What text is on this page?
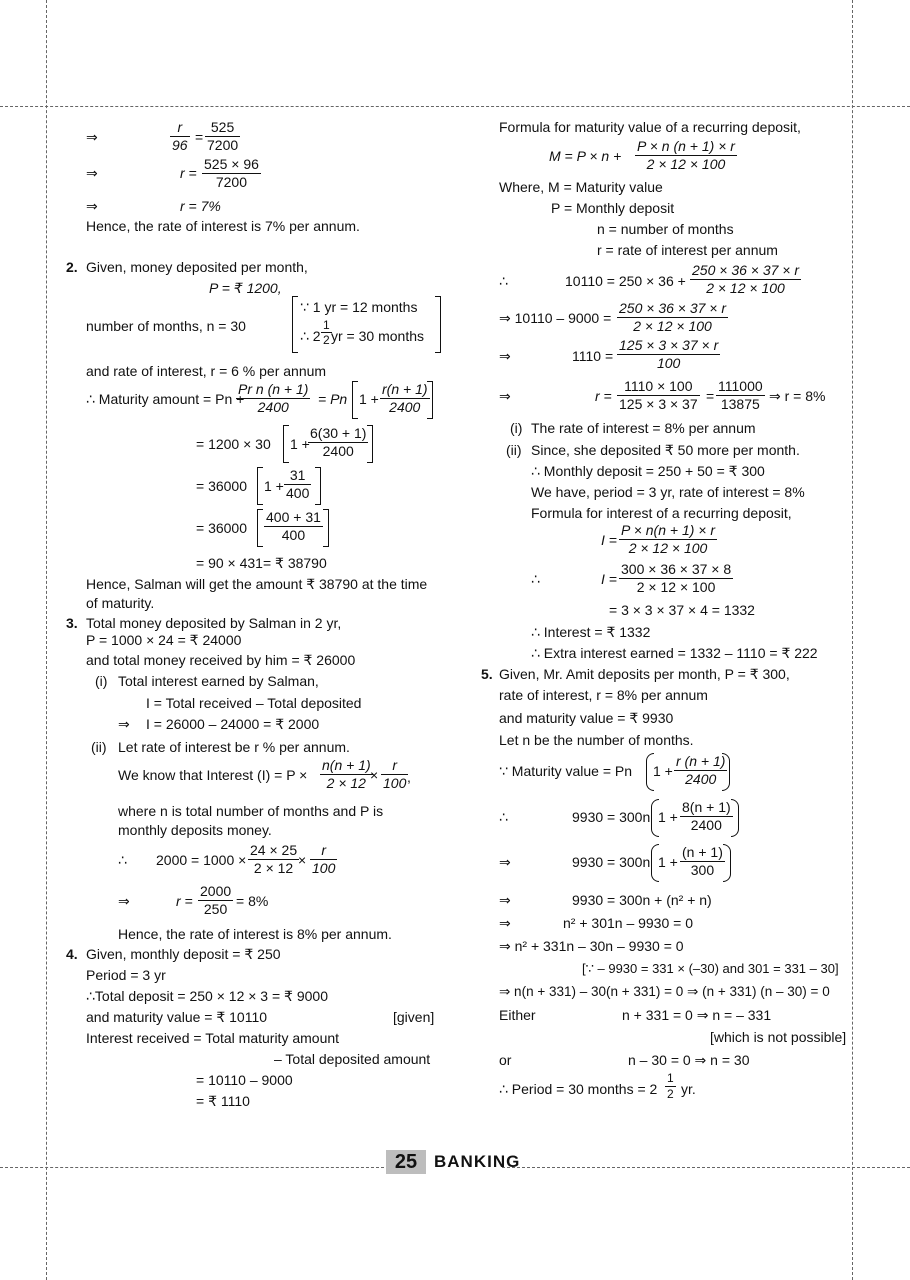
⇒	$\frac{r}{96} = \frac{525}{7200}$
⇒	$r = \frac{525 \times 96}{7200}$
⇒	r = 7%
Hence, the rate of interest is 7% per annum.
2. Given, money deposited per month,
P = ₹ 1200,
∵ 1 yr = 12 months
number of months, n = 30
∴ $2 \frac{1}{2}$ yr = 30 months
and rate of interest, r = 6 % per annum
∴ Maturity amount = Pn +
$\frac{\text{Pr n (n + 1)}}{2400} = Pn$ $1 + \frac{r(n + 1)}{2400}$
= 1200 × 30 1 +
$\frac{6(30 + 1)}{2400}$
= 36000 $1 + \frac{31}{400}$
= $36000 \frac{400 + 31}{400}$
= 90 × 431= ₹ 38790
Hence, Salman will get the amount ₹ 38790 at the time
of maturity.
3. Total money deposited by Salman in 2 yr,
P = 1000 × 24 = ₹ 24000
and total money received by him = ₹ 26000
(i) Total interest earned by Salman,
I = Total received – Total deposited
⇒ I = 26000 – 24000 = ₹ 2000
(ii) Let rate of interest be r % per annum.
We know that Interest $(I) = P \times \frac{n(n + 1)}{2 \times 12}$
× $\frac{r}{100}$
,
where n is total number of months and P is
monthly deposits money.
∴ $2000 = 1000 \times \frac{24 \times 25}{2 \times 12}$
× $\frac{r}{100}$
⇒	$r = \frac{2000}{250} = 8\%$
Hence, the rate of interest is 8% per annum.
4. Given, monthly deposit = ₹ 250
Period = 3 yr
∴Total deposit = 250 × 12 × 3 = ₹ 9000
and maturity value = ₹ 10110	[given]
Interest received = Total maturity amount
– Total deposited amount
= 10110 – 9000
= ₹ 1110
Formula for maturity value of a recurring deposit,
$M = P \times n + \frac{P \times n (n + 1) \times r}{2 \times 12 \times 100}$
Where, M = Maturity value
P = Monthly deposit
n = number of months
r = rate of interest per annum
∴	$10110 = 250 \times 36 + \frac{250 \times 36 \times 37 \times r}{2 \times 12 \times 100}$
⇒ $10110 - 9000 = \frac{250 \times 36 \times 37 \times r}{2 \times 12 \times 100}$
⇒	$1110 = \frac{125 \times 3 \times 37 \times r}{100}$
⇒	$r = \frac{1110 \times 100}{125 \times 3 \times 37} = \frac{111000}{13875}$ ⇒ r = 8%
(i) The rate of interest = 8% per annum
(ii) Since, she deposited ₹ 50 more per month.
∴ Monthly deposit = 250 + 50 = ₹ 300
We have, period = 3 yr, rate of interest = 8%
Formula for interest of a recurring deposit,
$I = \frac{P \times n(n + 1) \times r}{2 \times 12 \times 100}$
∴	$I = \frac{300 \times 36 \times 37 \times 8}{2 \times 12 \times 100}$
= 3 × 3 × 37 × 4 = 1332
∴ Interest = ₹ 1332
∴ Extra interest earned = 1332 – 1110 = ₹ 222
5. Given, Mr. Amit deposits per month, P = ₹ 300,
rate of interest, r = 8% per annum
and maturity value = ₹ 9930
Let n be the number of months.
∵ Maturity value = Pn $1 + \frac{r (n + 1)}{2400}$
∴	9930 = 300n $1 + \frac{8(n + 1)}{2400}$
⇒	9930 = 300n $1 + \frac{(n + 1)}{300}$
⇒	9930 = 300n + (n² + n)
⇒	n² + 301n – 9930 = 0
⇒ n² + 331n – 30n – 9930 = 0
[∵ – 9930 = 331 × (–30) and 301 = 331 – 30]
⇒ n(n + 331) – 30(n + 331) = 0 ⇒ (n + 331) (n – 30) = 0
Either	n + 331 = 0 ⇒ n = – 331
[which is not possible]
or	n – 30 = 0 ⇒ n = 30
∴ Period = 30 months = $2 \frac{1}{2}$ yr.
25 BANKING
